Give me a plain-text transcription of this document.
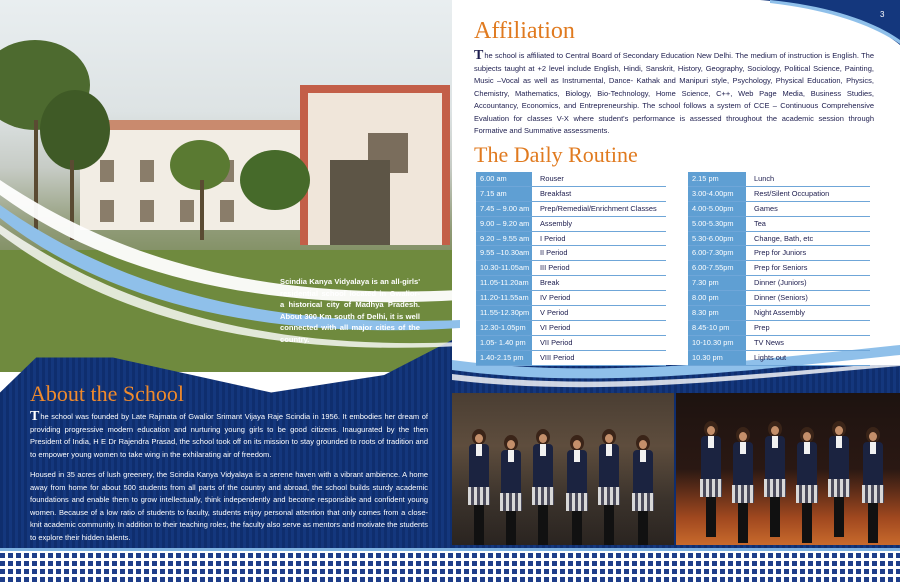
3
Scindia Kanya Vidyalaya is an all-girls' residential school located in Gwalior- a historical city of Madhya Pradesh. About 300 Km south of Delhi, it is well connected with all major cities of the country.
Affiliation
The school is affiliated to Central Board of Secondary Education New Delhi. The medium of instruction is English. The subjects taught at +2 level include English, Hindi, Sanskrit, History, Geography, Sociology, Political Science, Painting, Music –Vocal as well as Instrumental, Dance- Kathak and Manipuri style, Psychology, Physical Education, Physics, Chemistry, Mathematics, Biology, Bio-Technology, Home Science, C++, Web Page Media, Business Studies, Accountancy, Economics, and Entrepreneurship. The school follows a system of CCE – Continuous Comprehensive Evaluation for classes V-X where student's performance is assessed throughout the academic session through Formative and Summative assessments.
The Daily Routine
6.00 am	Rouser
7.15 am	Breakfast
7.45 – 9.00 am	Prep/Remedial/Enrichment Classes
9.00 – 9.20 am	Assembly
9.20 – 9.55 am	I Period
9.55 –10.30am	II Period
10.30-11.05am	III Period
11.05-11.20am	Break
11.20-11.55am	IV Period
11.55-12.30pm	V Period
12.30-1.05pm	VI Period
1.05- 1.40 pm	VII Period
1.40-2.15 pm	VIII Period
2.15 pm	Lunch
3.00-4.00pm	Rest/Silent Occupation
4.00-5.00pm	Games
5.00-5.30pm	Tea
5.30-6.00pm	Change, Bath, etc
6.00-7.30pm	Prep for Juniors
6.00-7.55pm	Prep for Seniors
7.30 pm	Dinner (Juniors)
8.00 pm	Dinner (Seniors)
8.30 pm	Night Assembly
8.45-10 pm	Prep
10-10.30 pm	TV News
10.30 pm	Lights out
About the School
The school was founded by Late Rajmata of Gwalior Srimant Vijaya Raje Scindia in 1956. It embodies her dream of providing progressive modern education and nurturing young girls to be good citizens. Inaugurated by the then President of India, H E Dr Rajendra Prasad, the school took off on its mission to stay grounded to roots of tradition and to empower young women to take wing in the exhilarating air of freedom.
Housed in 35 acres of lush greenery, the Scindia Kanya Vidyalaya is a serene haven with a vibrant ambience. A home away from home for about 500 students from all parts of the country and abroad, the school builds sturdy academic foundations and enable them to grow intellectually, think independently and become responsible and confident young women. Because of a low ratio of students to faculty, students enjoy personal attention that only comes from a close-knit academic community. In addition to their teaching roles, the faculty also serve as mentors and motivate the students to explore their hidden talents.
